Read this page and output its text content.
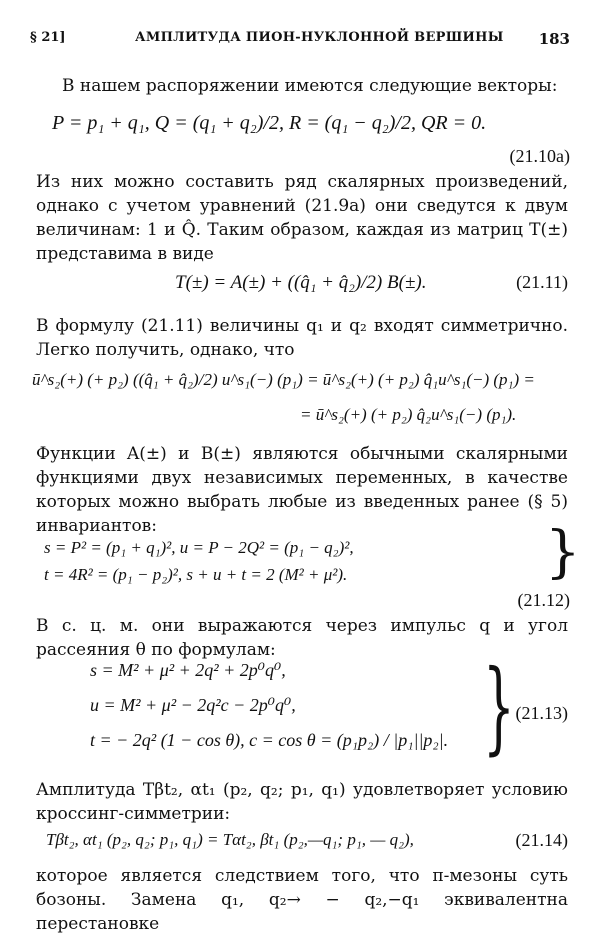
§ 21]	АМПЛИТУДА ПИОН-НУКЛОННОЙ ВЕРШИНЫ 183
В нашем распоряжении имеются следующие векторы:
P = p₁ + q₁, Q = (q₁ + q₂)/2, R = (q₁ − q₂)/2, QR = 0.
(21.10а)
Из них можно составить ряд скалярных произведений, однако с учетом уравнений (21.9а) они сведутся к двум величинам: 1 и Q̂. Таким образом, каждая из матриц T(±) представима в виде
T(±) = A(±) + ((q̂₁ + q̂₂)/2) B(±).	(21.11)
В формулу (21.11) величины q₁ и q₂ входят симметрично. Легко получить, однако, что
ū^s₂(+) (+ p₂) ((q̂₁ + q̂₂)/2) u^s₁(−) (p₁) = ū^s₂(+) (+ p₂) q̂₁u^s₁(−) (p₁) =
= ū^s₂(+) (+ p₂) q̂₂u^s₁(−) (p₁).
Функции A(±) и B(±) являются обычными скалярными функциями двух независимых переменных, в качестве которых можно выбрать любые из введенных ранее (§ 5) инвариантов:
s = P² = (p₁ + q₁)², u = P − 2Q² = (p₁ − q₂)²,
t = 4R² = (p₁ − p₂)², s + u + t = 2 (M² + μ²).	}
(21.12)
В с. ц. м. они выражаются через импульс q и угол рассеяния θ по формулам:
s = M² + μ² + 2q² + 2p⁰q⁰,
u = M² + μ² − 2q²c − 2p⁰q⁰,
t = − 2q² (1 − cos θ), c = cos θ = (p₁p₂) / |p₁||p₂|. } (21.13)
Амплитуда Tβt₂, αt₁ (p₂, q₂; p₁, q₁) удовлетворяет условию кроссинг-симметрии:
Tβt₂, αt₁ (p₂, q₂; p₁, q₁) = Tαt₂, βt₁ (p₂,—q₁; p₁, — q₂),	(21.14)
которое является следствием того, что π-мезоны суть бозоны. Замена q₁, q₂→ − q₂,−q₁ эквивалентна перестановке
